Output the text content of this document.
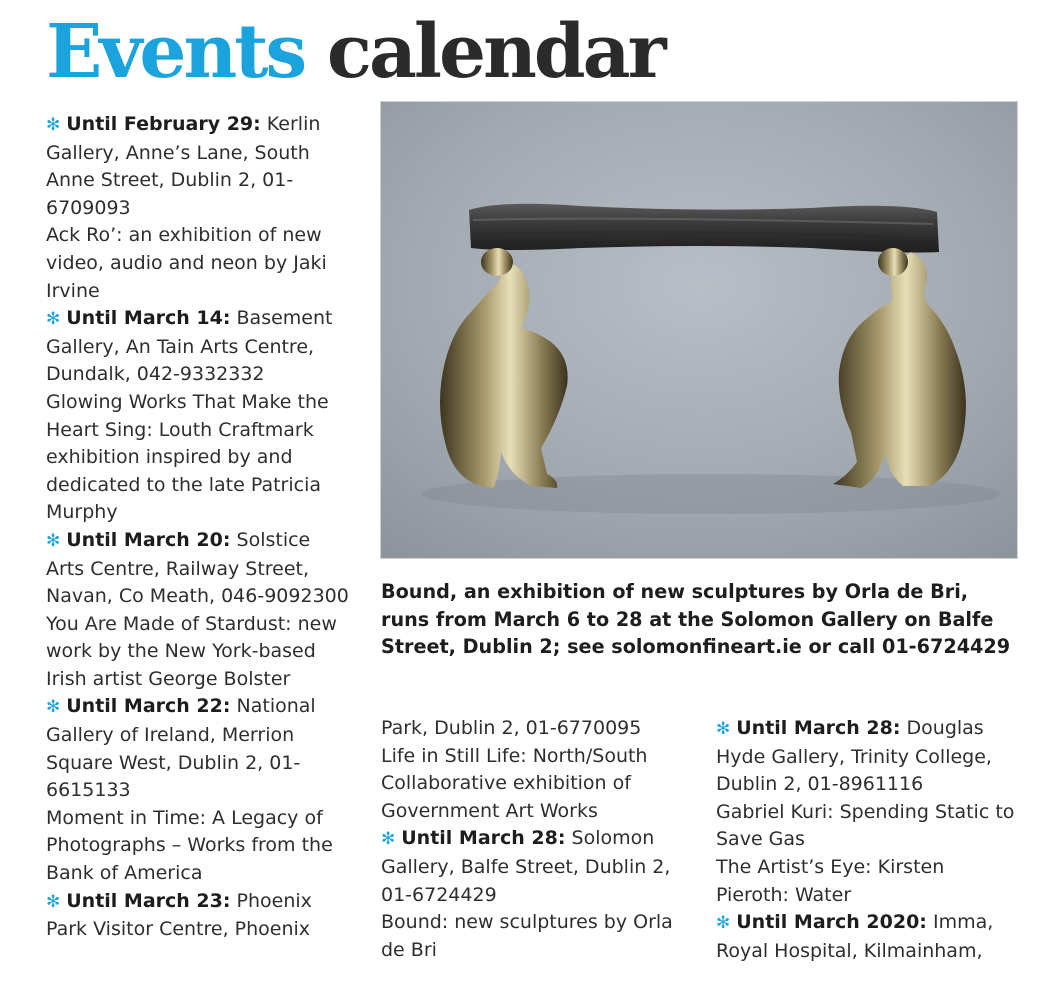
Events calendar

✻ Until February 29: Kerlin Gallery, Anne’s Lane, South Anne Street, Dublin 2, 01-6709093

Ack Ro’: an exhibition of new video, audio and neon by Jaki Irvine

✻ Until March 14: Basement Gallery, An Tain Arts Centre, Dundalk, 042-9332332

Glowing Works That Make the Heart Sing: Louth Craftmark exhibition inspired by and dedicated to the late Patricia Murphy

✻ Until March 20: Solstice Arts Centre, Railway Street, Navan, Co Meath, 046-9092300

You Are Made of Stardust: new work by the New York-based Irish artist George Bolster

✻ Until March 22: National Gallery of Ireland, Merrion Square West, Dublin 2, 01-6615133

Moment in Time: A Legacy of Photographs – Works from the Bank of America

✻ Until March 23: Phoenix Park Visitor Centre, Phoenix

Bound, an exhibition of new sculptures by Orla de Bri, runs from March 6 to 28 at the Solomon Gallery on Balfe Street, Dublin 2; see solomonfineart.ie or call 01-6724429

Park, Dublin 2, 01-6770095

Life in Still Life: North/South Collaborative exhibition of Government Art Works

✻ Until March 28: Solomon Gallery, Balfe Street, Dublin 2, 01-6724429

Bound: new sculptures by Orla de Bri

✻ Until March 28: Douglas Hyde Gallery, Trinity College, Dublin 2, 01-8961116

Gabriel Kuri: Spending Static to Save Gas

The Artist’s Eye: Kirsten Pieroth: Water

✻ Until March 2020: Imma, Royal Hospital, Kilmainham,
